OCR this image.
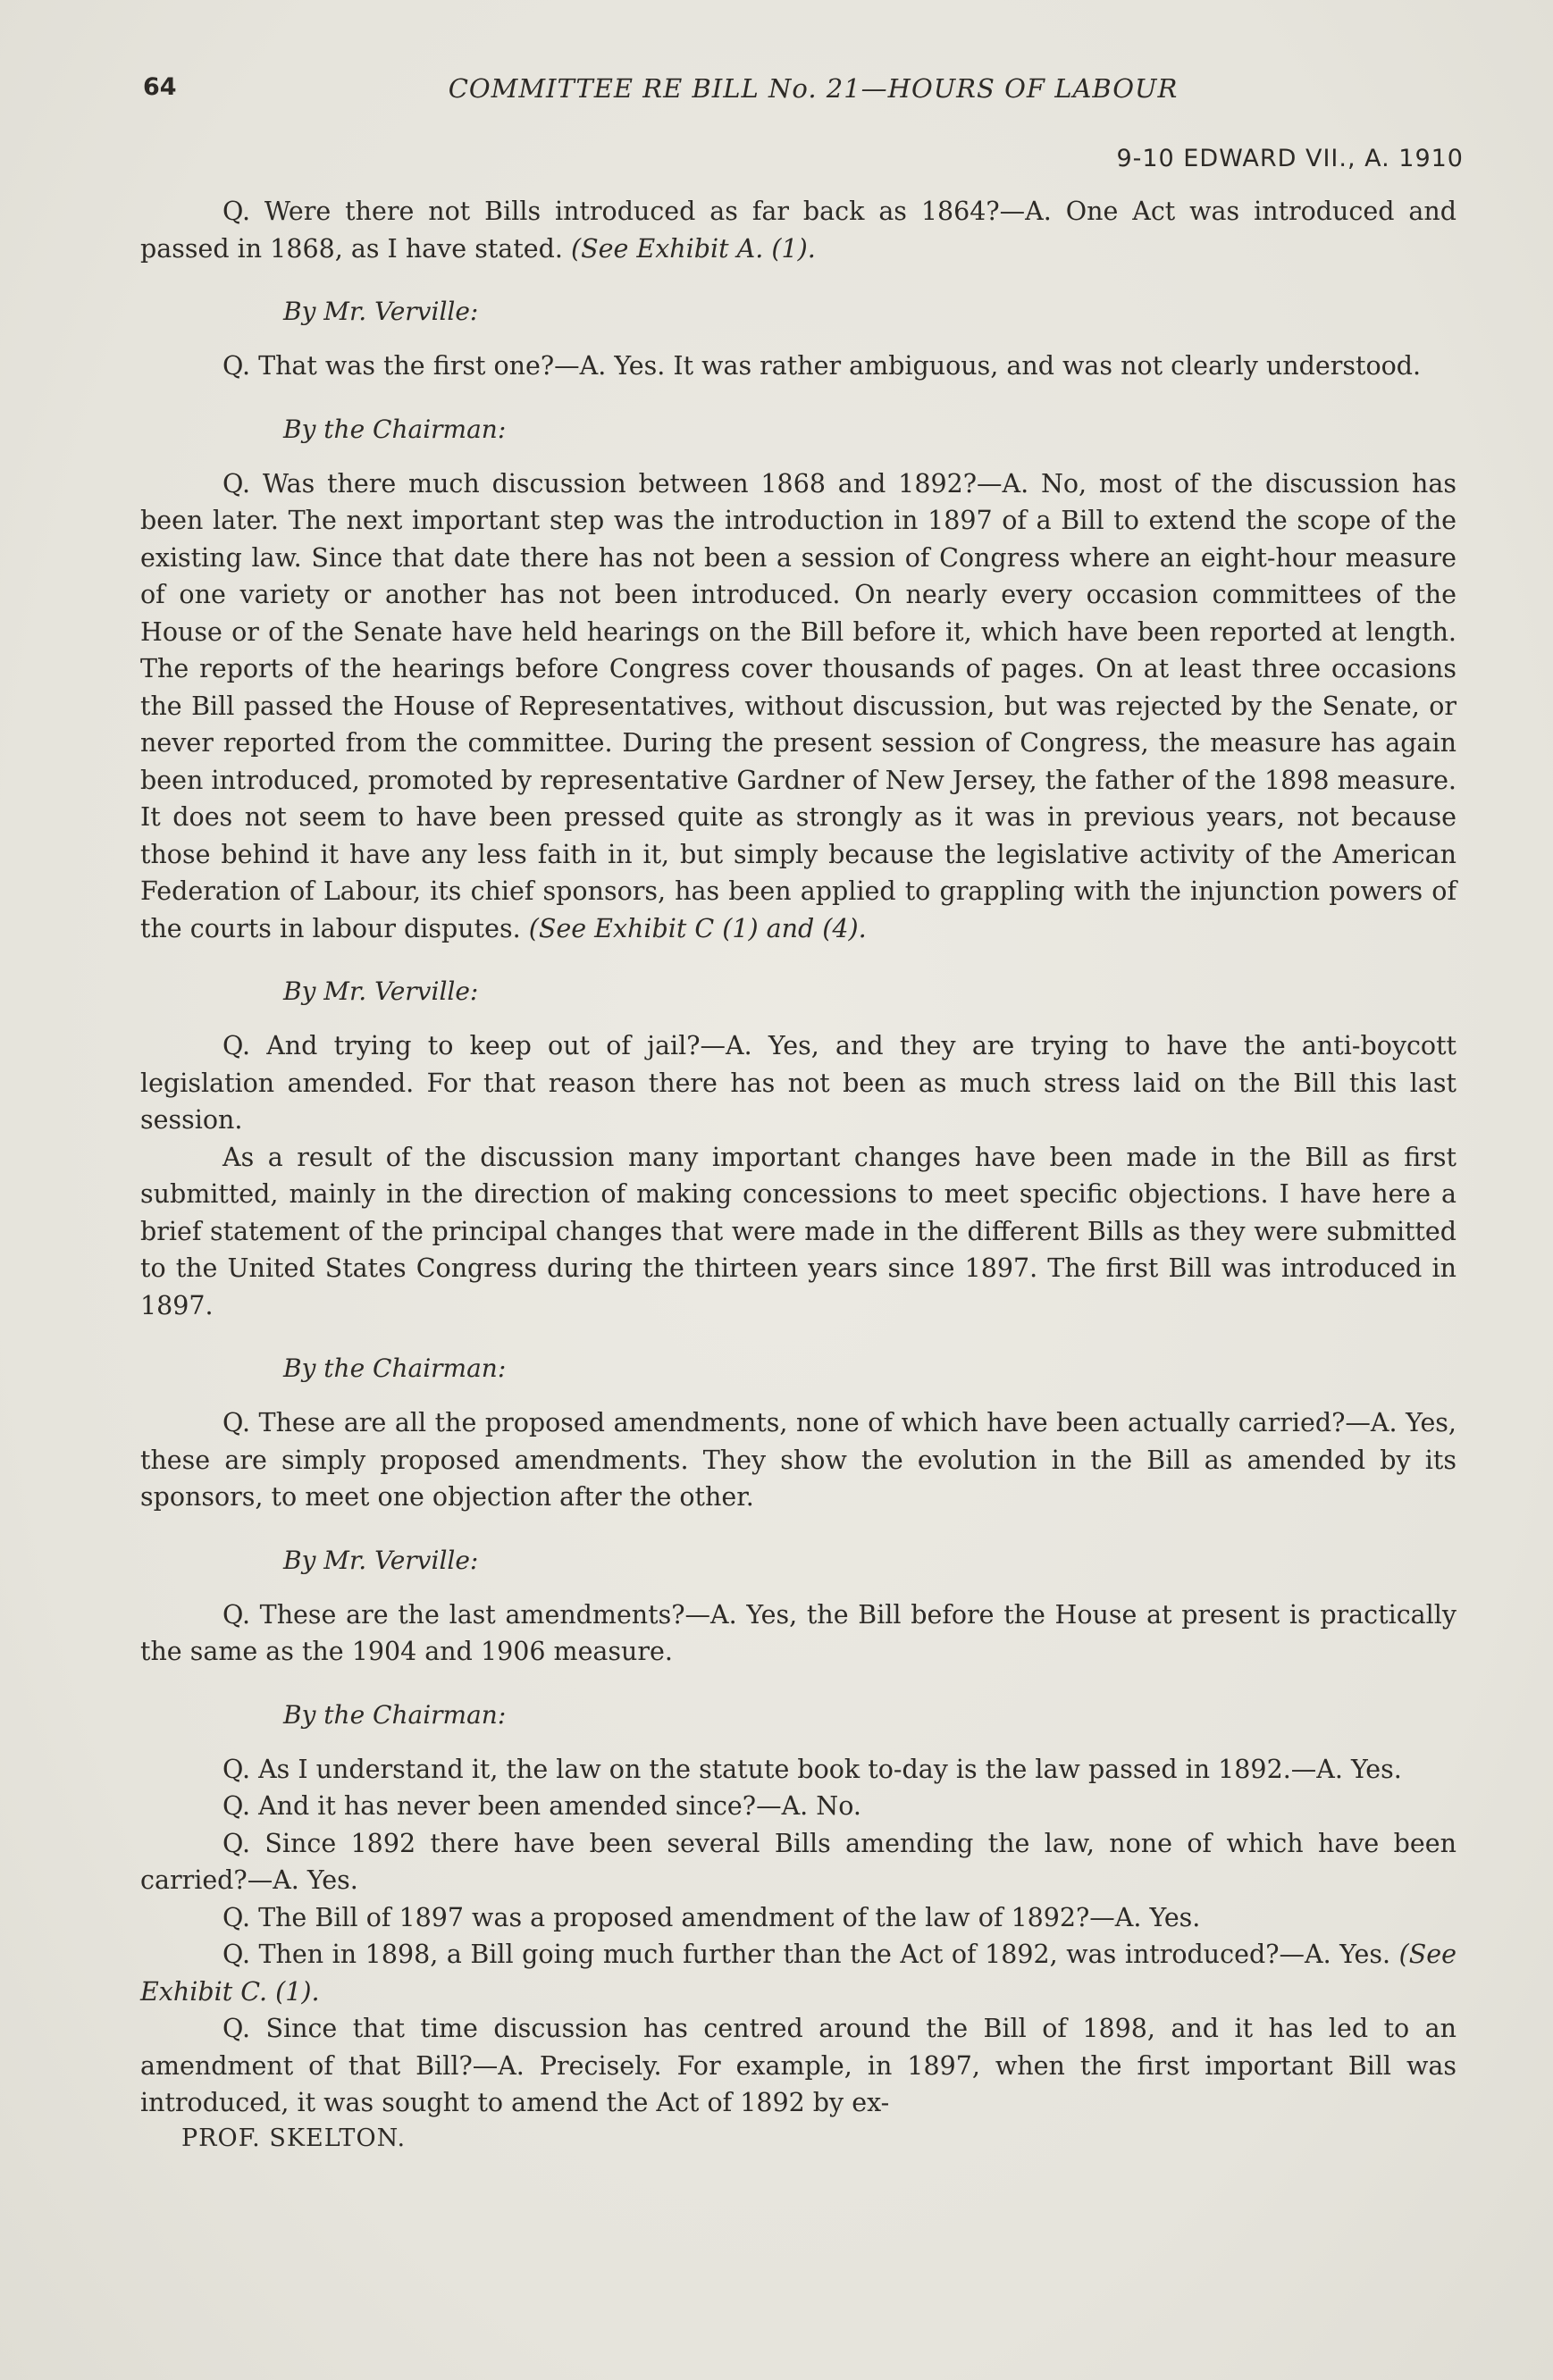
64	COMMITTEE RE BILL No. 21—HOURS OF LABOUR
9-10 EDWARD VII., A. 1910

Q. Were there not Bills introduced as far back as 1864?—A. One Act was introduced and passed in 1868, as I have stated. (See Exhibit A. (1).

By Mr. Verville:

Q. That was the first one?—A. Yes. It was rather ambiguous, and was not clearly understood.

By the Chairman:

Q. Was there much discussion between 1868 and 1892?—A. No, most of the discussion has been later. The next important step was the introduction in 1897 of a Bill to extend the scope of the existing law. Since that date there has not been a session of Congress where an eight-hour measure of one variety or another has not been introduced. On nearly every occasion committees of the House or of the Senate have held hearings on the Bill before it, which have been reported at length. The reports of the hearings before Congress cover thousands of pages. On at least three occasions the Bill passed the House of Representatives, without discussion, but was rejected by the Senate, or never reported from the committee. During the present session of Congress, the measure has again been introduced, promoted by representative Gardner of New Jersey, the father of the 1898 measure. It does not seem to have been pressed quite as strongly as it was in previous years, not because those behind it have any less faith in it, but simply because the legislative activity of the American Federation of Labour, its chief sponsors, has been applied to grappling with the injunction powers of the courts in labour disputes. (See Exhibit C (1) and (4).

By Mr. Verville:

Q. And trying to keep out of jail?—A. Yes, and they are trying to have the anti-boycott legislation amended. For that reason there has not been as much stress laid on the Bill this last session.

As a result of the discussion many important changes have been made in the Bill as first submitted, mainly in the direction of making concessions to meet specific objections. I have here a brief statement of the principal changes that were made in the different Bills as they were submitted to the United States Congress during the thirteen years since 1897. The first Bill was introduced in 1897.

By the Chairman:

Q. These are all the proposed amendments, none of which have been actually carried?—A. Yes, these are simply proposed amendments. They show the evolution in the Bill as amended by its sponsors, to meet one objection after the other.

By Mr. Verville:

Q. These are the last amendments?—A. Yes, the Bill before the House at present is practically the same as the 1904 and 1906 measure.

By the Chairman:

Q. As I understand it, the law on the statute book to-day is the law passed in 1892.—A. Yes.

Q. And it has never been amended since?—A. No.

Q. Since 1892 there have been several Bills amending the law, none of which have been carried?—A. Yes.

Q. The Bill of 1897 was a proposed amendment of the law of 1892?—A. Yes.

Q. Then in 1898, a Bill going much further than the Act of 1892, was introduced?—A. Yes. (See Exhibit C. (1).

Q. Since that time discussion has centred around the Bill of 1898, and it has led to an amendment of that Bill?—A. Precisely. For example, in 1897, when the first important Bill was introduced, it was sought to amend the Act of 1892 by ex-

PROF. SKELTON.
